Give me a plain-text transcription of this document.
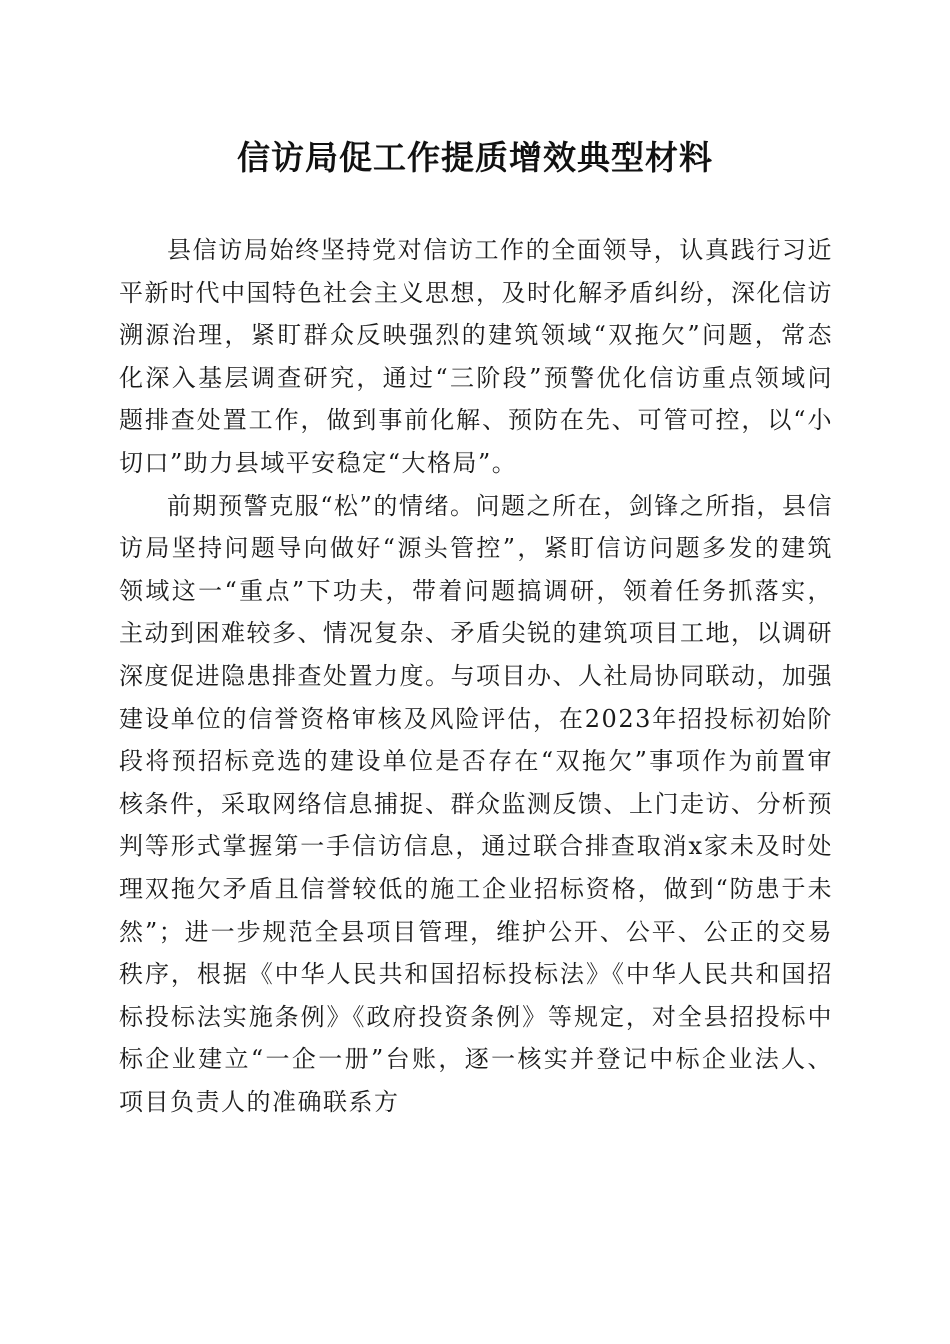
信访局促工作提质增效典型材料

县信访局始终坚持党对信访工作的全面领导，认真践行习近平新时代中国特色社会主义思想，及时化解矛盾纠纷，深化信访溯源治理，紧盯群众反映强烈的建筑领域“双拖欠”问题，常态化深入基层调查研究，通过“三阶段”预警优化信访重点领域问题排查处置工作，做到事前化解、预防在先、可管可控，以“小切口”助力县域平安稳定“大格局”。

前期预警克服“松”的情绪。问题之所在，剑锋之所指，县信访局坚持问题导向做好“源头管控”，紧盯信访问题多发的建筑领域这一“重点”下功夫，带着问题搞调研，领着任务抓落实，主动到困难较多、情况复杂、矛盾尖锐的建筑项目工地，以调研深度促进隐患排查处置力度。与项目办、人社局协同联动，加强建设单位的信誉资格审核及风险评估，在2023年招投标初始阶段将预招标竞选的建设单位是否存在“双拖欠”事项作为前置审核条件，采取网络信息捕捉、群众监测反馈、上门走访、分析预判等形式掌握第一手信访信息，通过联合排查取消x家未及时处理双拖欠矛盾且信誉较低的施工企业招标资格，做到“防患于未然”；进一步规范全县项目管理，维护公开、公平、公正的交易秩序，根据《中华人民共和国招标投标法》《中华人民共和国招标投标法实施条例》《政府投资条例》等规定，对全县招投标中标企业建立“一企一册”台账，逐一核实并登记中标企业法人、项目负责人的准确联系方
